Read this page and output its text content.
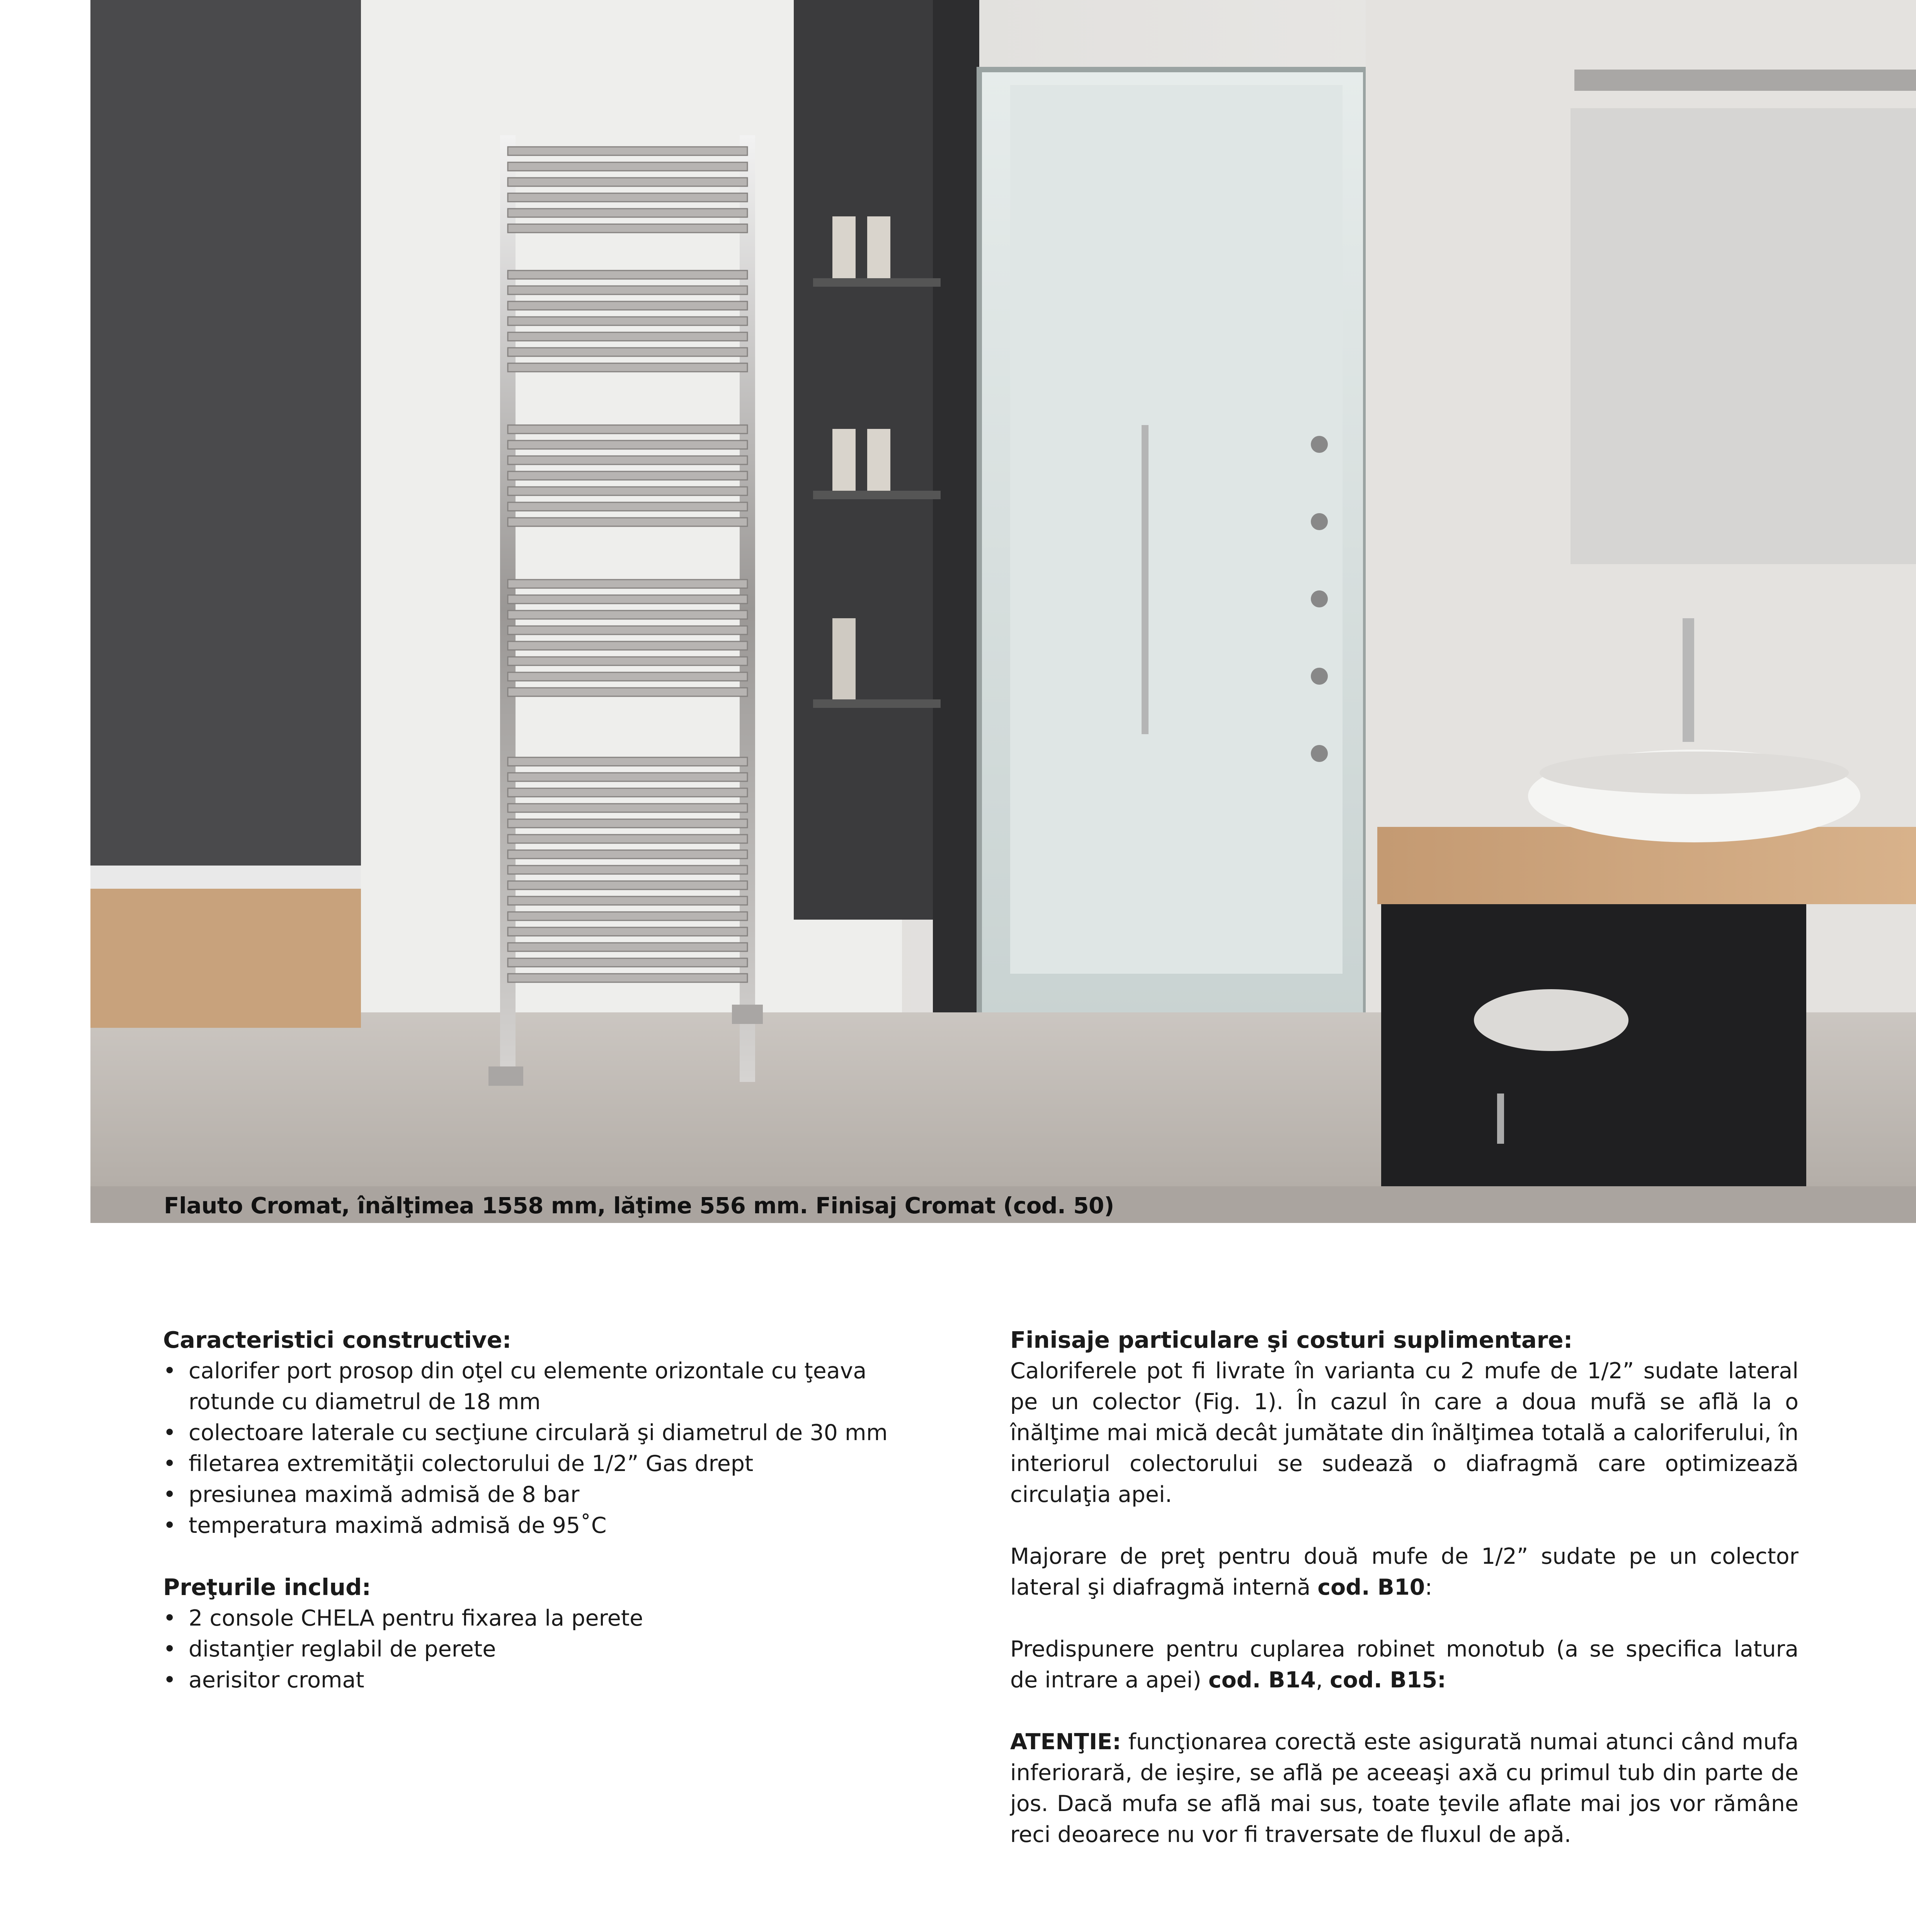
Flauto Cromat, înălţimea 1558 mm, lăţime 556 mm. Finisaj Cromat (cod. 50)

Caracteristici constructive:

• calorifer port prosop din oţel cu elemente orizontale cu ţeava rotunde cu diametrul de 18 mm
• colectoare laterale cu secţiune circulară şi diametrul de 30 mm
• filetarea extremităţii colectorului de 1/2” Gas drept
• presiunea maximă admisă de 8 bar
• temperatura maximă admisă de 95˚C

Preţurile includ:

• 2 console CHELA pentru fixarea la perete
• distanţier reglabil de perete
• aerisitor cromat

Finisaje particulare şi costuri suplimentare:

Caloriferele pot fi livrate în varianta cu 2 mufe de 1/2” sudate lateral pe un colector (Fig. 1). În cazul în care a doua mufă se află la o înălţime mai mică decât jumătate din înălţimea totală a caloriferului, în interiorul colectorului se sudează o diafragmă care optimizează circulaţia apei.

Majorare de preţ pentru două mufe de 1/2” sudate pe un colector lateral şi diafragmă internă cod. B10:

Predispunere pentru cuplarea robinet monotub (a se specifica latura de intrare a apei) cod. B14, cod. B15:

ATENŢIE: funcţionarea corectă este asigurată numai atunci când mufa inferiorară, de ieşire, se află pe aceeaşi axă cu primul tub din parte de jos. Dacă mufa se află mai sus, toate ţevile aflate mai jos vor rămâne reci deoarece nu vor fi traversate de fluxul de apă.
